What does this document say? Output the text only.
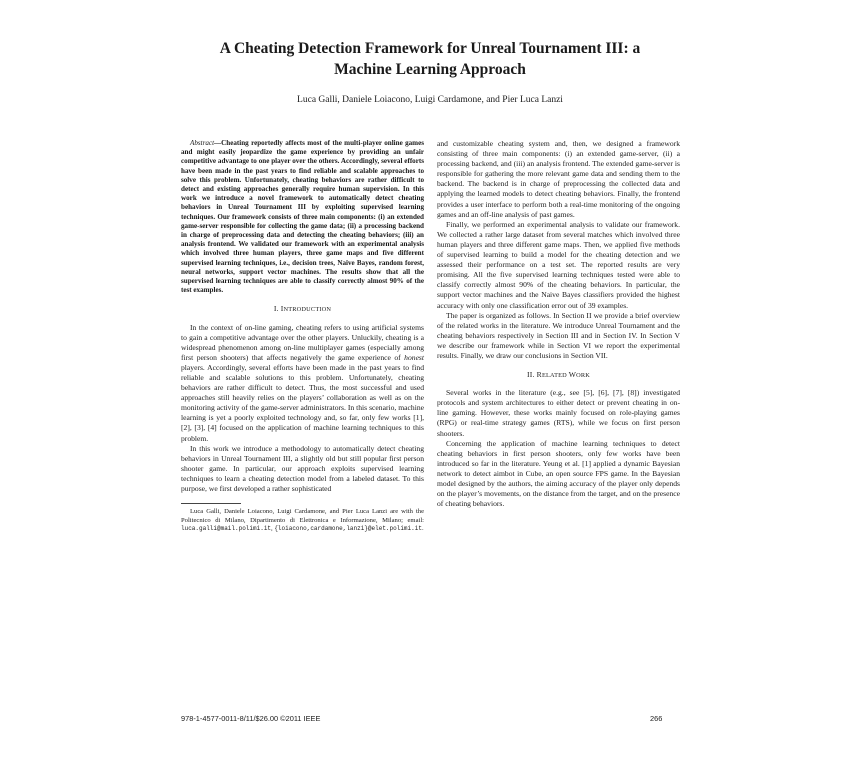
A Cheating Detection Framework for Unreal Tournament III: a
Machine Learning Approach
Luca Galli, Daniele Loiacono, Luigi Cardamone, and Pier Luca Lanzi

Abstract—Cheating reportedly affects most of the multi-player online games and might easily jeopardize the game experience by providing an unfair competitive advantage to one player over the others. Accordingly, several efforts have been made in the past years to find reliable and scalable approaches to solve this problem. Unfortunately, cheating behaviors are rather difficult to detect and existing approaches generally require human supervision. In this work we introduce a novel framework to automatically detect cheating behaviors in Unreal Tournament III by exploiting supervised learning techniques. Our framework consists of three main components: (i) an extended game-server responsible for collecting the game data; (ii) a processing backend in charge of preprocessing data and detecting the cheating behaviors; (iii) an analysis frontend. We validated our framework with an experimental analysis which involved three human players, three game maps and five different supervised learning techniques, i.e., decision trees, Naive Bayes, random forest, neural networks, support vector machines. The results show that all the supervised learning techniques are able to classify correctly almost 90% of the test examples.

I. INTRODUCTION

In the context of on-line gaming, cheating refers to using artificial systems to gain a competitive advantage over the other players. Unluckily, cheating is a widespread phenomenon among on-line multiplayer games (especially among first person shooters) that affects negatively the game experience of honest players. Accordingly, several efforts have been made in the past years to find reliable and scalable solutions to this problem. Unfortunately, cheating behaviors are rather difficult to detect. Thus, the most successful and used approaches still heavily relies on the players’ collaboration as well as on the monitoring activity of the game-server administrators. In this scenario, machine learning is yet a poorly exploited technology and, so far, only few works [1], [2], [3], [4] focused on the application of machine learning techniques to this problem.

In this work we introduce a methodology to automatically detect cheating behaviors in Unreal Tournament III, a slightly old but still popular first person shooter game. In particular, our approach exploits supervised learning techniques to learn a cheating detection model from a labeled dataset. To this purpose, we first developed a rather sophisticated

Luca Galli, Daniele Loiacono, Luigi Cardamone, and Pier Luca Lanzi are with the Politecnico di Milano, Dipartimento di Elettronica e Informazione, Milano; email: luca.galli@mail.polimi.it, {loiacono,cardamone,lanzi}@elet.polimi.it.

and customizable cheating system and, then, we designed a framework consisting of three main components: (i) an extended game-server, (ii) a processing backend, and (iii) an analysis frontend. The extended game-server is responsible for gathering the more relevant game data and sending them to the backend. The backend is in charge of preprocessing the collected data and applying the learned models to detect cheating behaviors. Finally, the frontend provides a user interface to perform both a real-time monitoring of the ongoing games and an off-line analysis of past games.

Finally, we performed an experimental analysis to validate our framework. We collected a rather large dataset from several matches which involved three human players and three different game maps. Then, we applied five methods of supervised learning to build a model for the cheating detection and we assessed their performance on a test set. The reported results are very promising. All the five supervised learning techniques tested were able to classify correctly almost 90% of the cheating behaviors. In particular, the support vector machines and the Naive Bayes classifiers provided the highest accuracy with only one classification error out of 39 examples.

The paper is organized as follows. In Section II we provide a brief overview of the related works in the literature. We introduce Unreal Tournament and the cheating behaviors respectively in Section III and in Section IV. In Section V we describe our framework while in Section VI we report the experimental results. Finally, we draw our conclusions in Section VII.

II. RELATED WORK

Several works in the literature (e.g., see [5], [6], [7], [8]) investigated protocols and system architectures to either detect or prevent cheating in on-line gaming. However, these works mainly focused on role-playing games (RPG) or real-time strategy games (RTS), while we focus on first person shooters.

Concerning the application of machine learning techniques to detect cheating behaviors in first person shooters, only few works have been introduced so far in the literature. Yeung et al. [1] applied a dynamic Bayesian network to detect aimbot in Cube, an open source FPS game. In the Bayesian model designed by the authors, the aiming accuracy of the player only depends on the player’s movements, on the distance from the target, and on the presence of cheating behaviors.

978-1-4577-0011-8/11/$26.00 ©2011 IEEE	266
